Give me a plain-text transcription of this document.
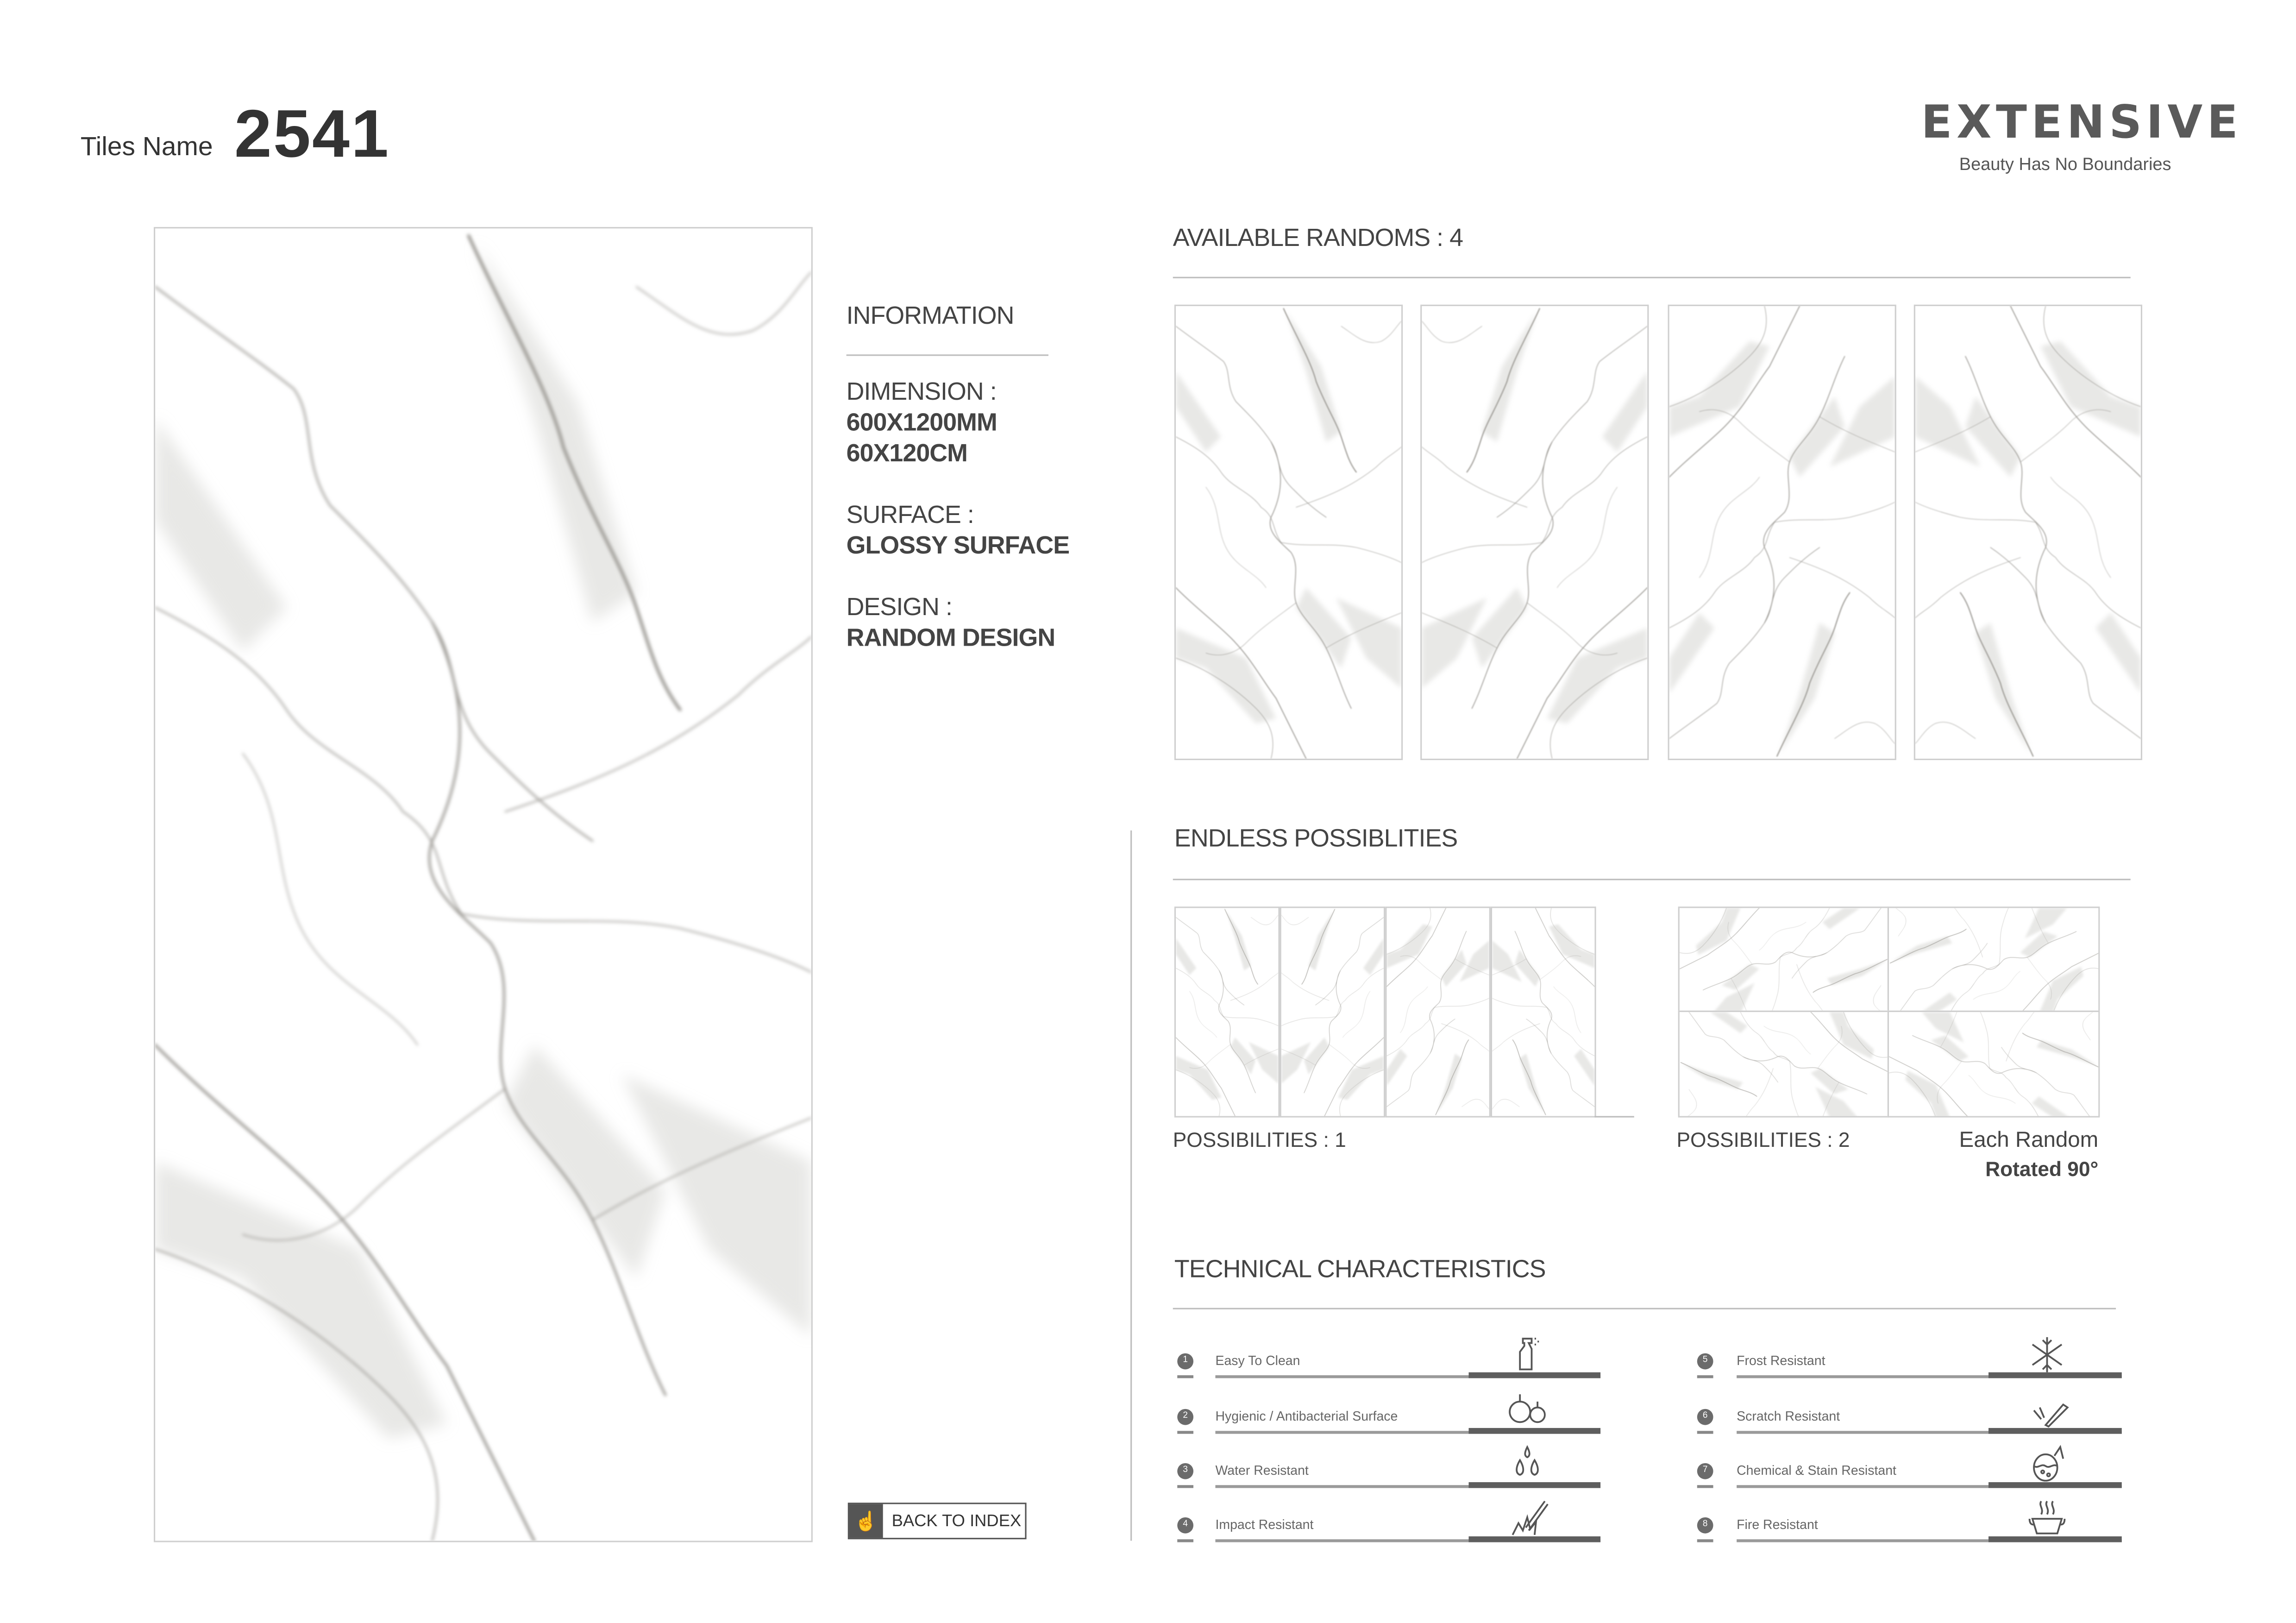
Tiles Name 2541	EXTENSIVE
Beauty Has No Boundaries
INFORMATION
DIMENSION :
600X1200MM
60X120CM
SURFACE :
GLOSSY SURFACE
DESIGN :
RANDOM DESIGN
☝	BACK TO INDEX
AVAILABLE RANDOMS : 4
ENDLESS POSSIBLITIES
POSSIBILITIES : 1	POSSIBILITIES : 2	Each Random
Rotated 90°
TECHNICAL CHARACTERISTICS
1	Easy To Clean
2	Hygienic / Antibacterial Surface
3	Water Resistant
4	Impact Resistant
5	Frost Resistant
6	Scratch Resistant
7	Chemical & Stain Resistant
8	Fire Resistant
